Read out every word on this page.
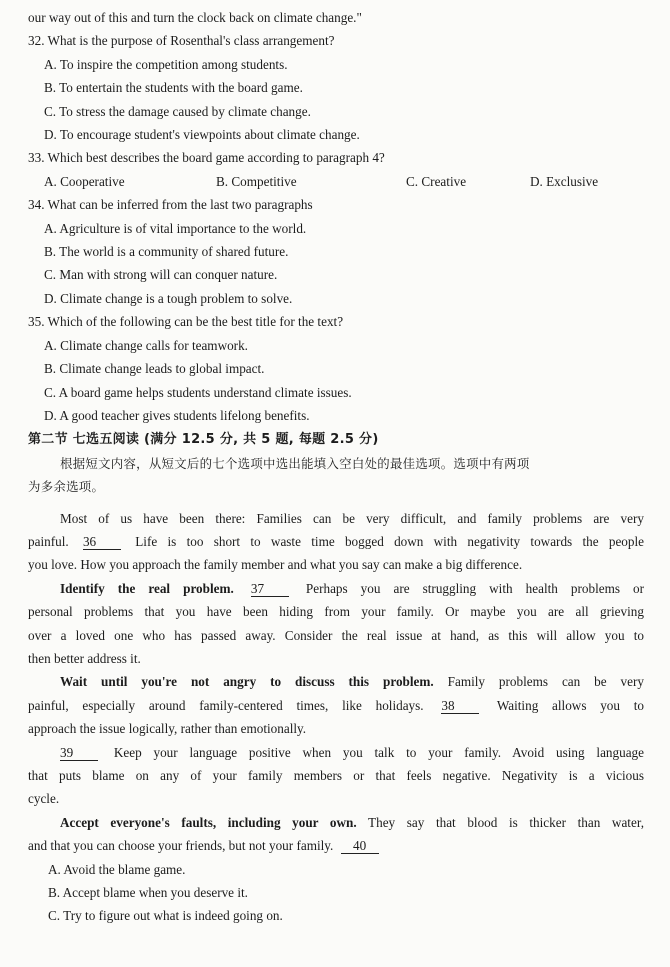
our way out of this and turn the clock back on climate change."
32. What is the purpose of Rosenthal's class arrangement?
A. To inspire the competition among students.
B. To entertain the students with the board game.
C. To stress the damage caused by climate change.
D. To encourage student's viewpoints about climate change.
33. Which best describes the board game according to paragraph 4?
A. Cooperative	B. Competitive	C. Creative	D. Exclusive
34. What can be inferred from the last two paragraphs
A. Agriculture is of vital importance to the world.
B. The world is a community of shared future.
C. Man with strong will can conquer nature.
D. Climate change is a tough problem to solve.
35. Which of the following can be the best title for the text?
A. Climate change calls for teamwork.
B. Climate change leads to global impact.
C. A board game helps students understand climate issues.
D. A good teacher gives students lifelong benefits.
第二节 七选五阅读 (满分 12.5 分, 共 5 题, 每题 2.5 分)
根据短文内容，从短文后的七个选项中选出能填入空白处的最佳选项。选项中有两项
为多余选项。
Most of us have been there: Families can be very difficult, and family problems are very
painful. 36	Life is too short to waste time bogged down with negativity towards the people
you love. How you approach the family member and what you say can make a big difference.
Identify the real problem. 37	Perhaps you are struggling with health problems or
personal problems that you have been hiding from your family. Or maybe you are all grieving
over a loved one who has passed away. Consider the real issue at hand, as this will allow you to
then better address it.
Wait until you're not angry to discuss this problem. Family problems can be very
painful, especially around family-centered times, like holidays. 38	Waiting allows you to
approach the issue logically, rather than emotionally.
39	Keep your language positive when you talk to your family. Avoid using language
that puts blame on any of your family members or that feels negative. Negativity is a vicious
cycle.
Accept everyone's faults, including your own. They say that blood is thicker than water,
and that you can choose your friends, but not your family. 40
A. Avoid the blame game.
B. Accept blame when you deserve it.
C. Try to figure out what is indeed going on.
